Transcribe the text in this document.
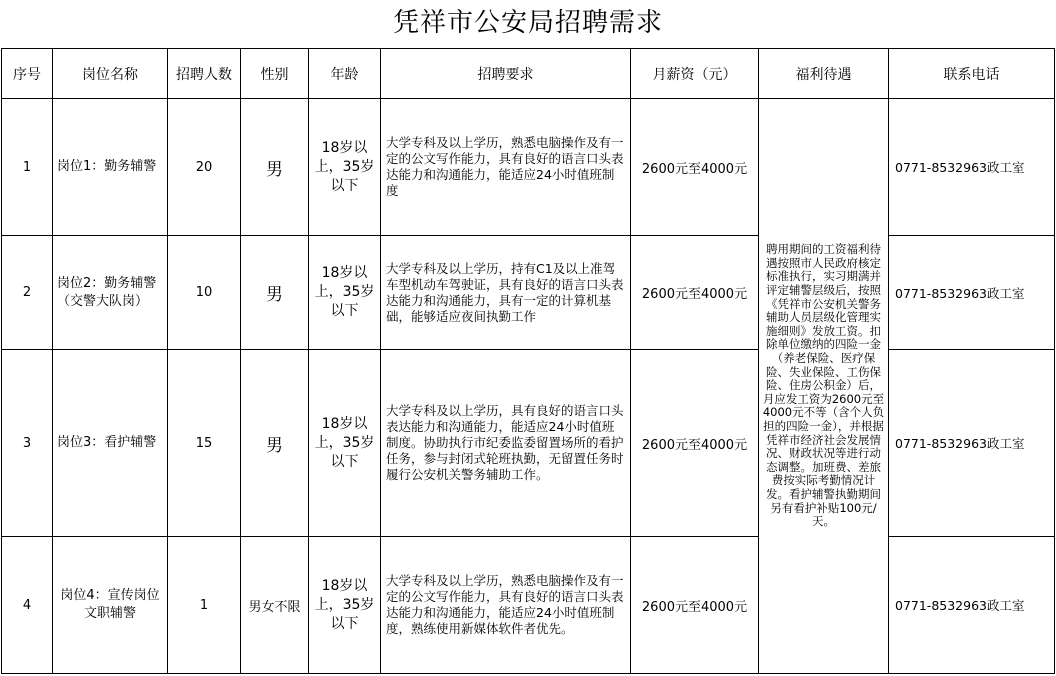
凭祥市公安局招聘需求
序号	岗位名称	招聘人数	性别	年龄	招聘要求	月薪资（元）	福利待遇	联系电话
1	岗位1：勤务辅警	20	男	18岁以上，35岁以下	大学专科及以上学历，熟悉电脑操作及有一定的公文写作能力，具有良好的语言口头表达能力和沟通能力，能适应24小时值班制度	2600元至4000元	聘用期间的工资福利待遇按照市人民政府核定标准执行，实习期满并评定辅警层级后，按照《凭祥市公安机关警务辅助人员层级化管理实施细则》发放工资。扣除单位缴纳的四险一金（养老保险、医疗保险、失业保险、工伤保险、住房公积金）后，月应发工资为2600元至4000元不等（含个人负担的四险一金），并根据凭祥市经济社会发展情况、财政状况等进行动态调整。加班费、差旅费按实际考勤情况计发。看护辅警执勤期间另有看护补贴100元/天。	0771-8532963政工室
2	岗位2：勤务辅警（交警大队岗）	10	男	18岁以上，35岁以下	大学专科及以上学历，持有C1及以上准驾车型机动车驾驶证，具有良好的语言口头表达能力和沟通能力，具有一定的计算机基础，能够适应夜间执勤工作	2600元至4000元		0771-8532963政工室
3	岗位3：看护辅警	15	男	18岁以上，35岁以下	大学专科及以上学历，具有良好的语言口头表达能力和沟通能力，能适应24小时值班制度。协助执行市纪委监委留置场所的看护任务，参与封闭式轮班执勤，无留置任务时履行公安机关警务辅助工作。	2600元至4000元		0771-8532963政工室
4	岗位4：宣传岗位文职辅警	1	男女不限	18岁以上，35岁以下	大学专科及以上学历，熟悉电脑操作及有一定的公文写作能力，具有良好的语言口头表达能力和沟通能力，能适应24小时值班制度，熟练使用新媒体软件者优先。	2600元至4000元		0771-8532963政工室
